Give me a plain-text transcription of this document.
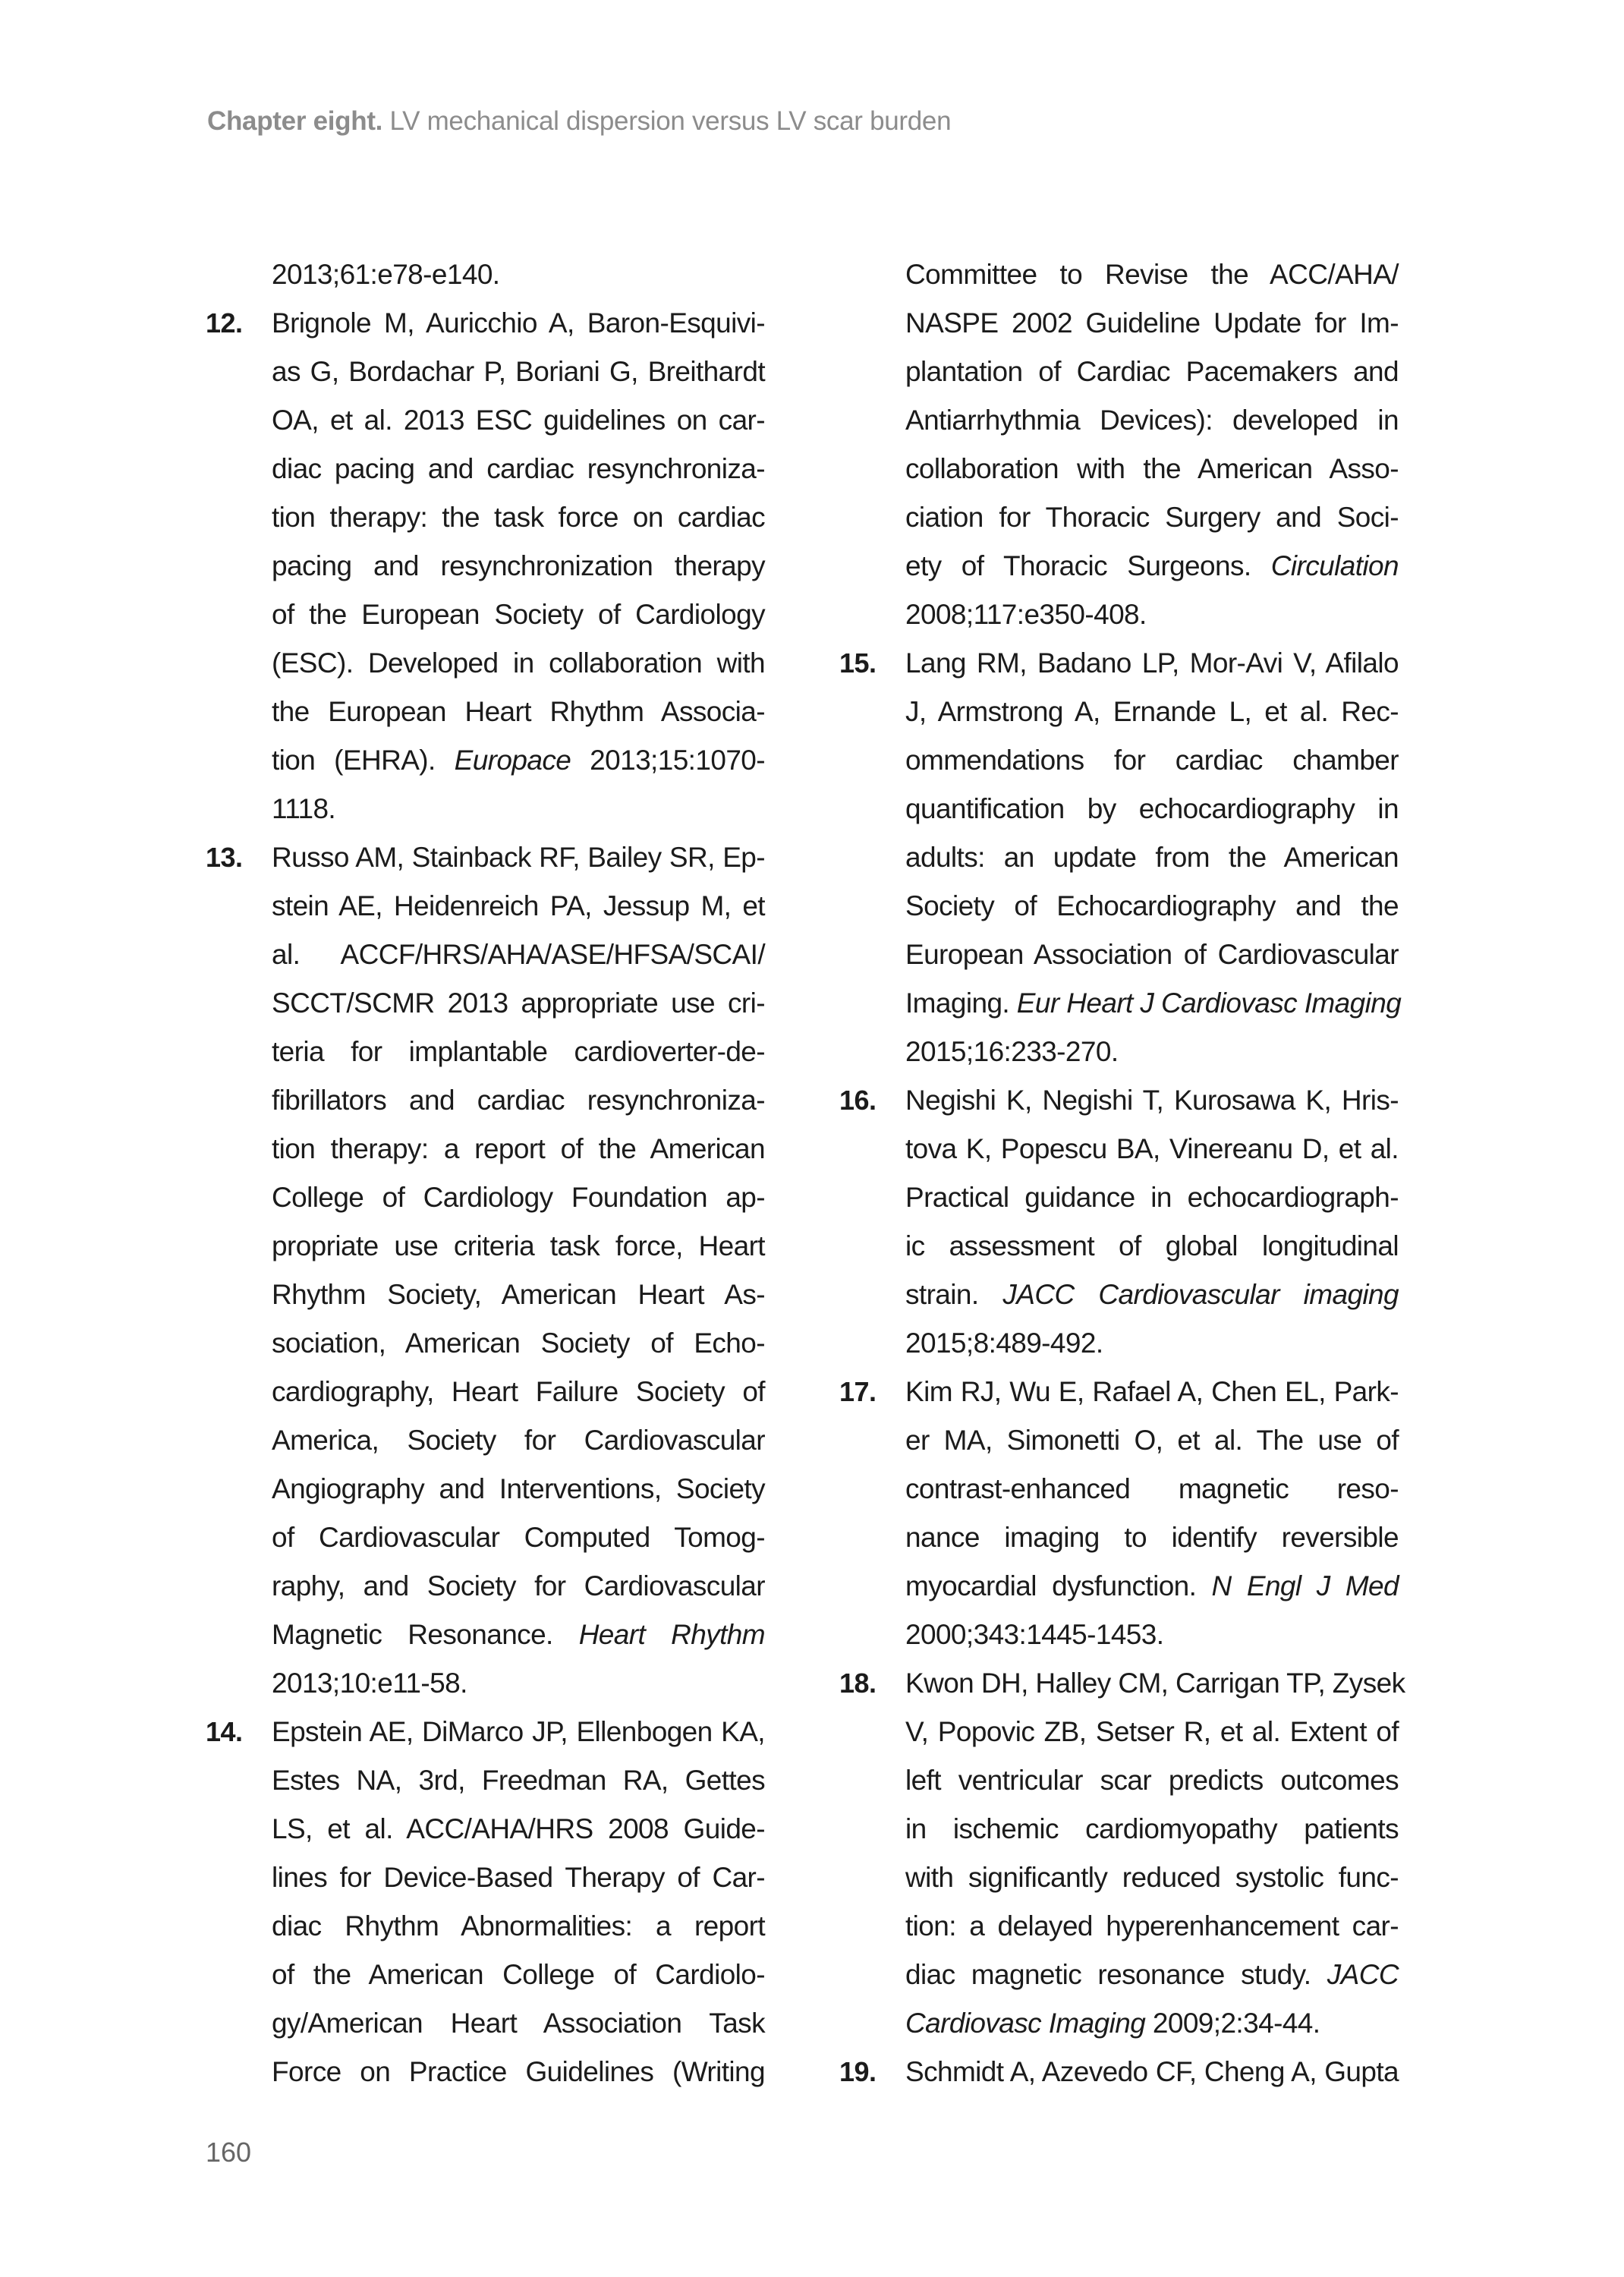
Chapter eight. LV mechanical dispersion versus LV scar burden
2013;61:e78-e140.
12. Brignole M, Auricchio A, Baron-Esquivi-
as G, Bordachar P, Boriani G, Breithardt
OA, et al. 2013 ESC guidelines on car-
diac pacing and cardiac resynchroniza-
tion therapy: the task force on cardiac
pacing and resynchronization therapy
of the European Society of Cardiology
(ESC). Developed in collaboration with
the European Heart Rhythm Associa-
tion (EHRA). Europace 2013;15:1070-
1118.
13. Russo AM, Stainback RF, Bailey SR, Ep-
stein AE, Heidenreich PA, Jessup M, et
al. ACCF/HRS/AHA/ASE/HFSA/SCAI/
SCCT/SCMR 2013 appropriate use cri-
teria for implantable cardioverter-de-
fibrillators and cardiac resynchroniza-
tion therapy: a report of the American
College of Cardiology Foundation ap-
propriate use criteria task force, Heart
Rhythm Society, American Heart As-
sociation, American Society of Echo-
cardiography, Heart Failure Society of
America, Society for Cardiovascular
Angiography and Interventions, Society
of Cardiovascular Computed Tomog-
raphy, and Society for Cardiovascular
Magnetic Resonance. Heart Rhythm
2013;10:e11-58.
14. Epstein AE, DiMarco JP, Ellenbogen KA,
Estes NA, 3rd, Freedman RA, Gettes
LS, et al. ACC/AHA/HRS 2008 Guide-
lines for Device-Based Therapy of Car-
diac Rhythm Abnormalities: a report
of the American College of Cardiolo-
gy/American Heart Association Task
Force on Practice Guidelines (Writing
Committee to Revise the ACC/AHA/
NASPE 2002 Guideline Update for Im-
plantation of Cardiac Pacemakers and
Antiarrhythmia Devices): developed in
collaboration with the American Asso-
ciation for Thoracic Surgery and Soci-
ety of Thoracic Surgeons. Circulation
2008;117:e350-408.
15. Lang RM, Badano LP, Mor-Avi V, Afilalo
J, Armstrong A, Ernande L, et al. Rec-
ommendations for cardiac chamber
quantification by echocardiography in
adults: an update from the American
Society of Echocardiography and the
European Association of Cardiovascular
Imaging. Eur Heart J Cardiovasc Imaging
2015;16:233-270.
16. Negishi K, Negishi T, Kurosawa K, Hris-
tova K, Popescu BA, Vinereanu D, et al.
Practical guidance in echocardiograph-
ic assessment of global longitudinal
strain. JACC Cardiovascular imaging
2015;8:489-492.
17. Kim RJ, Wu E, Rafael A, Chen EL, Park-
er MA, Simonetti O, et al. The use of
contrast-enhanced magnetic reso-
nance imaging to identify reversible
myocardial dysfunction. N Engl J Med
2000;343:1445-1453.
18. Kwon DH, Halley CM, Carrigan TP, Zysek
V, Popovic ZB, Setser R, et al. Extent of
left ventricular scar predicts outcomes
in ischemic cardiomyopathy patients
with significantly reduced systolic func-
tion: a delayed hyperenhancement car-
diac magnetic resonance study. JACC
Cardiovasc Imaging 2009;2:34-44.
19. Schmidt A, Azevedo CF, Cheng A, Gupta
160
